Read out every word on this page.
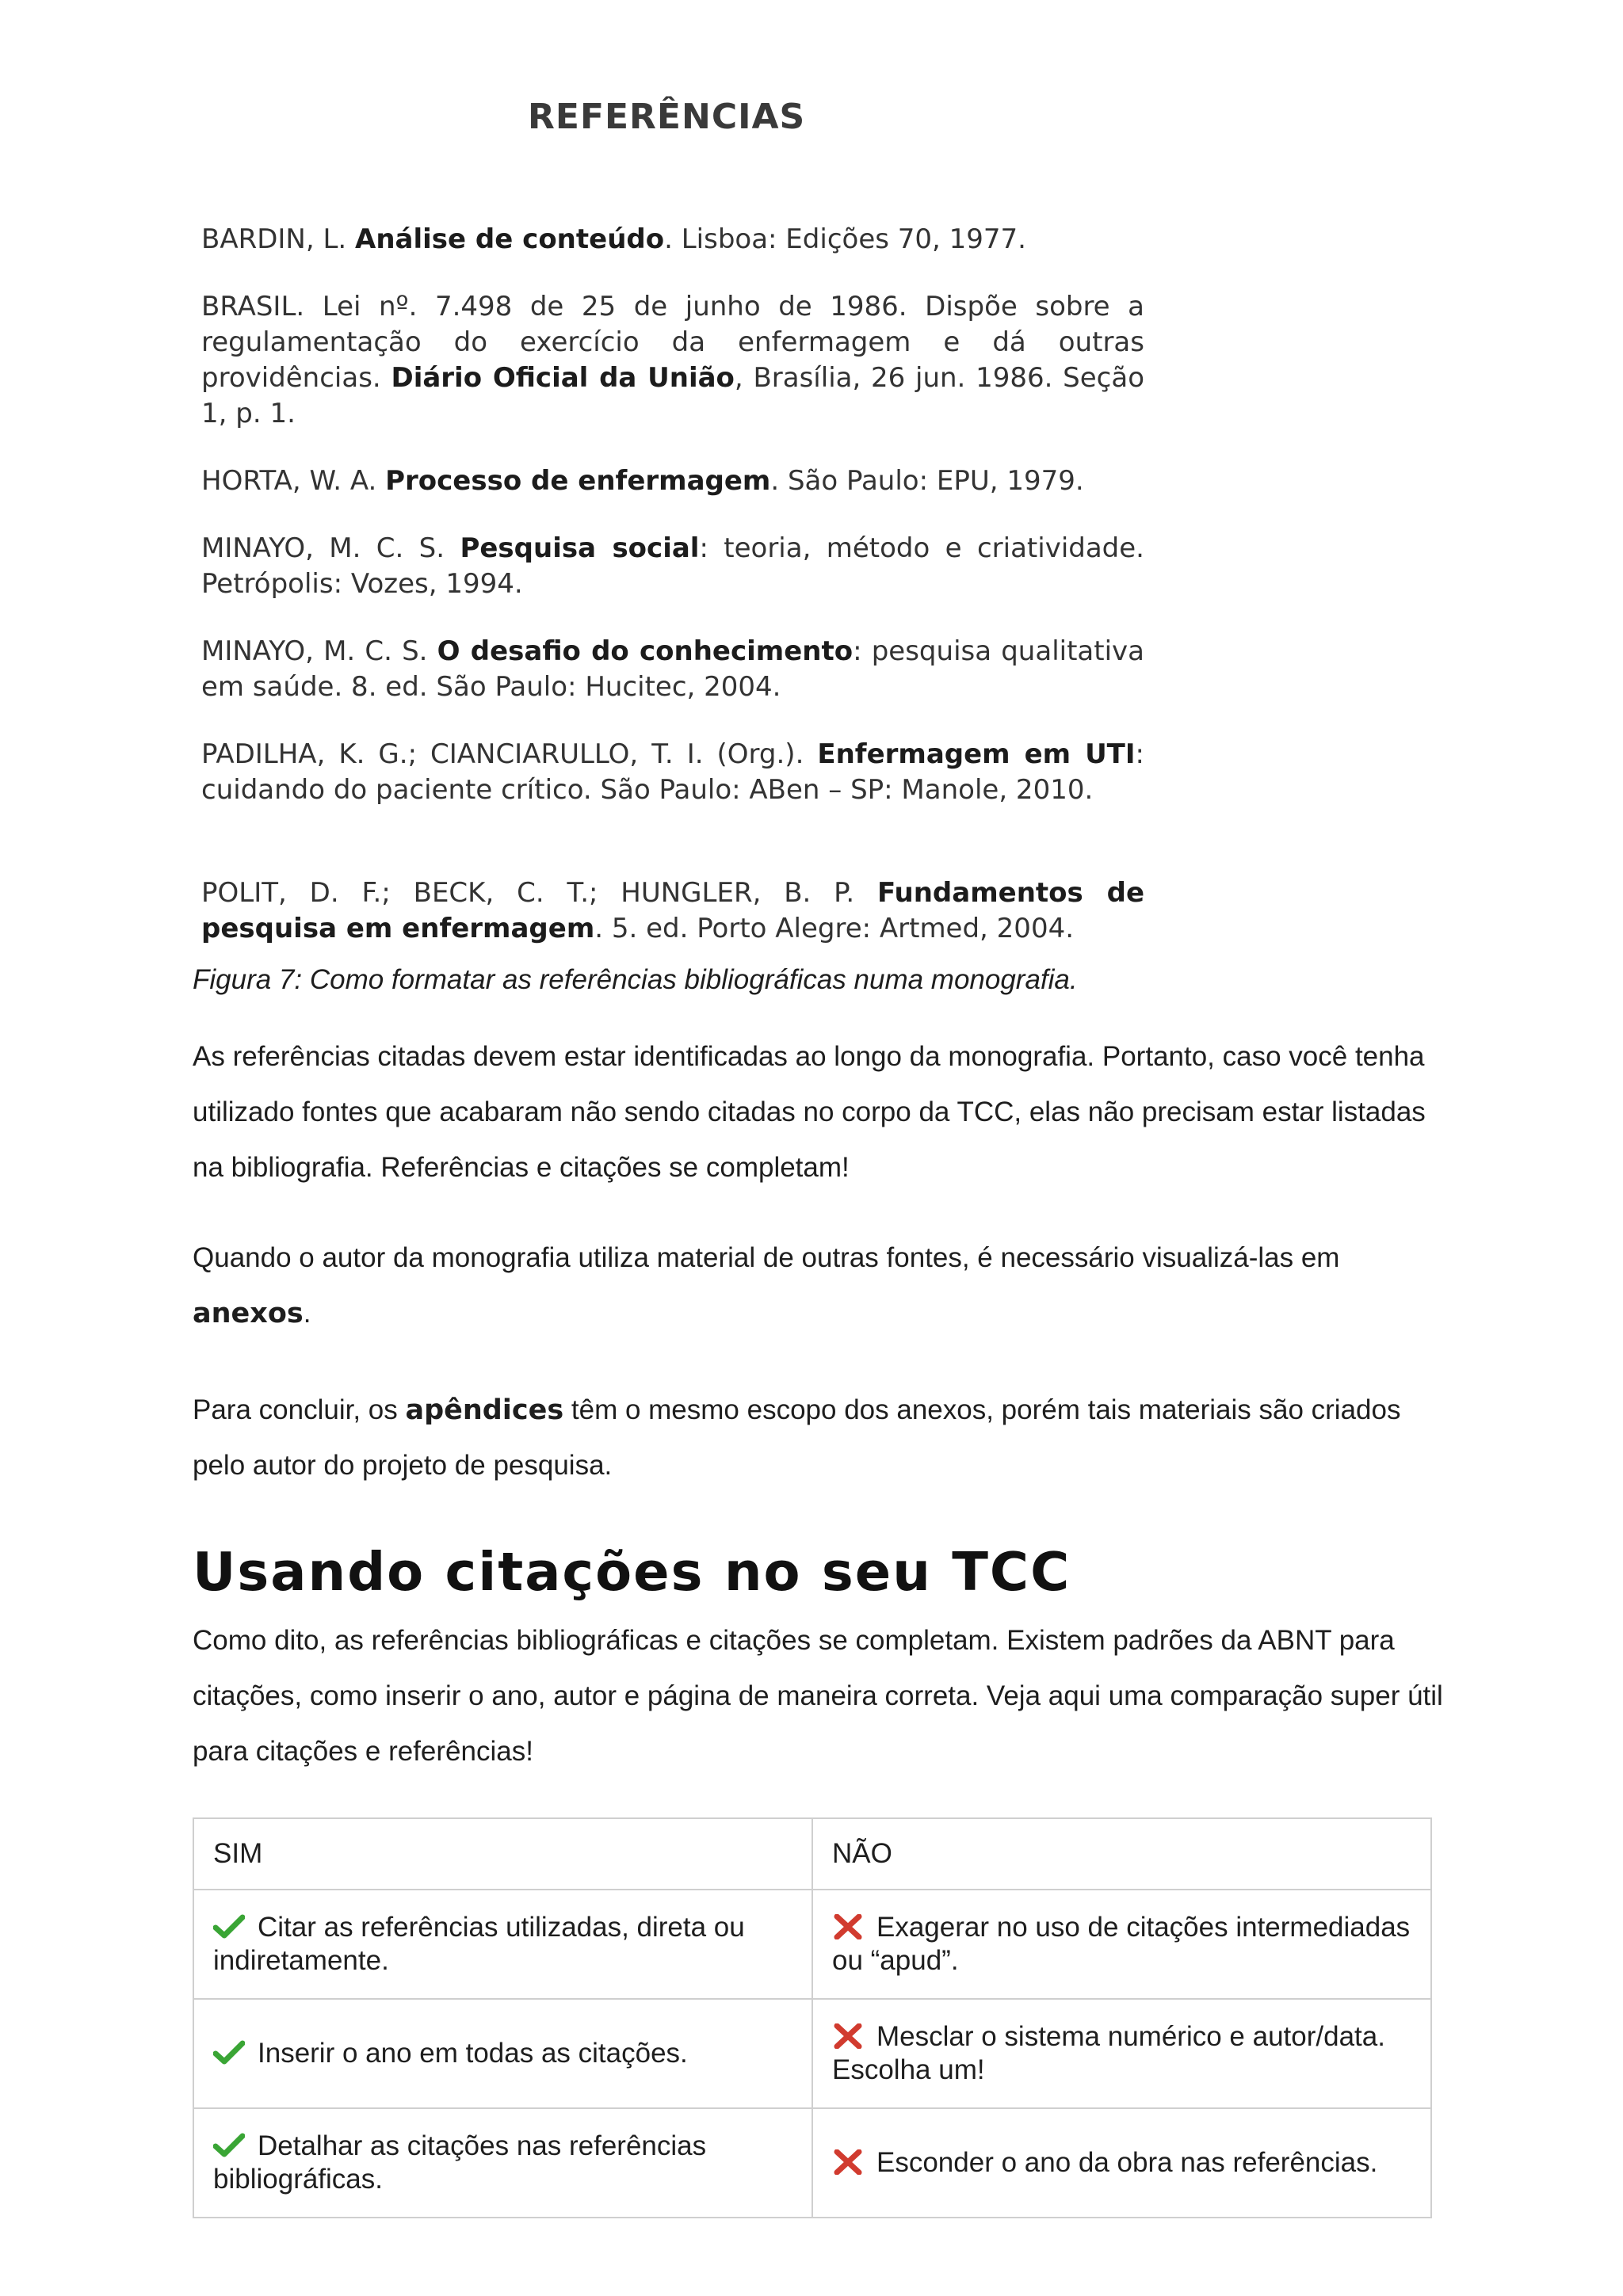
REFERÊNCIAS
BARDIN, L. Análise de conteúdo. Lisboa: Edições 70, 1977.
BRASIL. Lei nº. 7.498 de 25 de junho de 1986. Dispõe sobre a regulamentação do exercício da enfermagem e dá outras providências. Diário Oficial da União, Brasília, 26 jun. 1986. Seção 1, p. 1.
HORTA, W. A. Processo de enfermagem. São Paulo: EPU, 1979.
MINAYO, M. C. S. Pesquisa social: teoria, método e criatividade. Petrópolis: Vozes, 1994.
MINAYO, M. C. S. O desafio do conhecimento: pesquisa qualitativa em saúde. 8. ed. São Paulo: Hucitec, 2004.
PADILHA, K. G.; CIANCIARULLO, T. I. (Org.). Enfermagem em UTI: cuidando do paciente crítico. São Paulo: ABen – SP: Manole, 2010.
POLIT, D. F.; BECK, C. T.; HUNGLER, B. P. Fundamentos de pesquisa em enfermagem. 5. ed. Porto Alegre: Artmed, 2004.
Figura 7: Como formatar as referências bibliográficas numa monografia.
As referências citadas devem estar identificadas ao longo da monografia. Portanto, caso você tenha utilizado fontes que acabaram não sendo citadas no corpo da TCC, elas não precisam estar listadas na bibliografia. Referências e citações se completam!
Quando o autor da monografia utiliza material de outras fontes, é necessário visualizá-las em anexos.
Para concluir, os apêndices têm o mesmo escopo dos anexos, porém tais materiais são criados pelo autor do projeto de pesquisa.
Usando citações no seu TCC
Como dito, as referências bibliográficas e citações se completam. Existem padrões da ABNT para citações, como inserir o ano, autor e página de maneira correta. Veja aqui uma comparação super útil para citações e referências!
SIM	NÃO
Citar as referências utilizadas, direta ou indiretamente.	Exagerar no uso de citações intermediadas ou “apud”.
Inserir o ano em todas as citações.	Mesclar o sistema numérico e autor/data. Escolha um!
Detalhar as citações nas referências bibliográficas.	Esconder o ano da obra nas referências.
